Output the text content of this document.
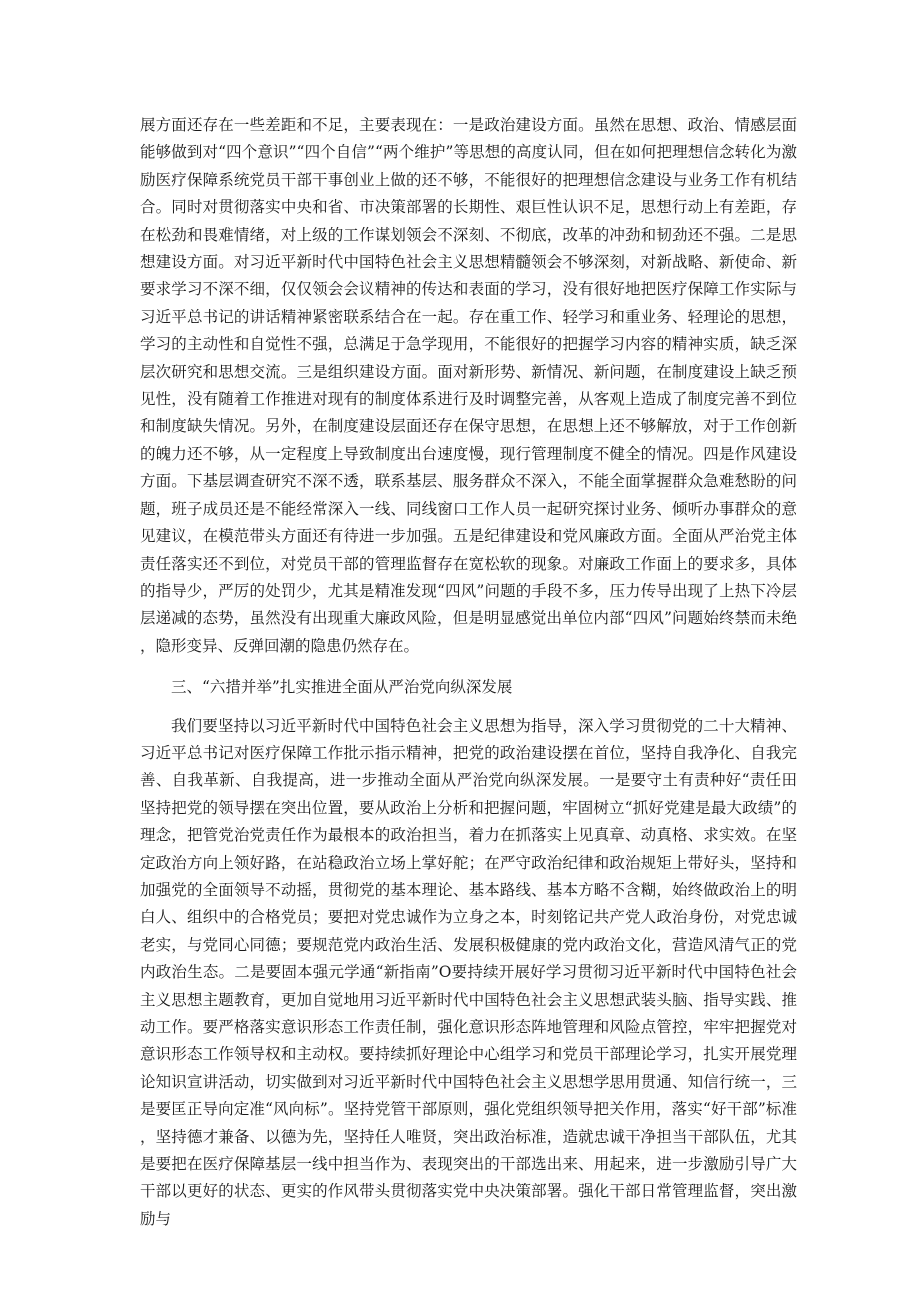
展方面还存在一些差距和不足，主要表现在：一是政治建设方面。虽然在思想、政治、情感层面能够做到对“四个意识”“四个自信”“两个维护”等思想的高度认同，但在如何把理想信念转化为激励医疗保障系统党员干部干事创业上做的还不够，不能很好的把理想信念建设与业务工作有机结合。同时对贯彻落实中央和省、市决策部署的长期性、艰巨性认识不足，思想行动上有差距，存在松劲和畏难情绪，对上级的工作谋划领会不深刻、不彻底，改革的冲劲和韧劲还不强。二是思想建设方面。对习近平新时代中国特色社会主义思想精髓领会不够深刻，对新战略、新使命、新要求学习不深不细，仅仅领会会议精神的传达和表面的学习，没有很好地把医疗保障工作实际与习近平总书记的讲话精神紧密联系结合在一起。存在重工作、轻学习和重业务、轻理论的思想，学习的主动性和自觉性不强，总满足于急学现用，不能很好的把握学习内容的精神实质，缺乏深层次研究和思想交流。三是组织建设方面。面对新形势、新情况、新问题，在制度建设上缺乏预见性，没有随着工作推进对现有的制度体系进行及时调整完善，从客观上造成了制度完善不到位和制度缺失情况。另外，在制度建设层面还存在保守思想，在思想上还不够解放，对于工作创新的魄力还不够，从一定程度上导致制度出台速度慢，现行管理制度不健全的情况。四是作风建设方面。下基层调查研究不深不透，联系基层、服务群众不深入，不能全面掌握群众急难愁盼的问题，班子成员还是不能经常深入一线、同线窗口工作人员一起研究探讨业务、倾听办事群众的意见建议，在模范带头方面还有待进一步加强。五是纪律建设和党风廉政方面。全面从严治党主体责任落实还不到位，对党员干部的管理监督存在宽松软的现象。对廉政工作面上的要求多，具体的指导少，严厉的处罚少，尤其是精准发现“四风”问题的手段不多，压力传导出现了上热下冷层层递减的态势，虽然没有出现重大廉政风险，但是明显感觉出单位内部“四风”问题始终禁而未绝，隐形变异、反弹回潮的隐患仍然存在。

三、“六措并举”扎实推进全面从严治党向纵深发展

我们要坚持以习近平新时代中国特色社会主义思想为指导，深入学习贯彻党的二十大精神、习近平总书记对医疗保障工作批示指示精神，把党的政治建设摆在首位，坚持自我净化、自我完善、自我革新、自我提高，进一步推动全面从严治党向纵深发展。一是要守土有责种好“责任田坚持把党的领导摆在突出位置，要从政治上分析和把握问题，牢固树立“抓好党建是最大政绩”的理念，把管党治党责任作为最根本的政治担当，着力在抓落实上见真章、动真格、求实效。在坚定政治方向上领好路，在站稳政治立场上掌好舵；在严守政治纪律和政治规矩上带好头，坚持和加强党的全面领导不动摇，贯彻党的基本理论、基本路线、基本方略不含糊，始终做政治上的明白人、组织中的合格党员；要把对党忠诚作为立身之本，时刻铭记共产党人政治身份，对党忠诚老实，与党同心同德；要规范党内政治生活、发展积极健康的党内政治文化，营造风清气正的党内政治生态。二是要固本强元学通“新指南”O要持续开展好学习贯彻习近平新时代中国特色社会主义思想主题教育，更加自觉地用习近平新时代中国特色社会主义思想武装头脑、指导实践、推动工作。要严格落实意识形态工作责任制，强化意识形态阵地管理和风险点管控，牢牢把握党对意识形态工作领导权和主动权。要持续抓好理论中心组学习和党员干部理论学习，扎实开展党理论知识宣讲活动，切实做到对习近平新时代中国特色社会主义思想学思用贯通、知信行统一，三是要匡正导向定准“风向标”。坚持党管干部原则，强化党组织领导把关作用，落实“好干部”标准，坚持德才兼备、以德为先，坚持任人唯贤，突出政治标准，造就忠诚干净担当干部队伍，尤其是要把在医疗保障基层一线中担当作为、表现突出的干部选出来、用起来，进一步激励引导广大干部以更好的状态、更实的作风带头贯彻落实党中央决策部署。强化干部日常管理监督，突出激励与
